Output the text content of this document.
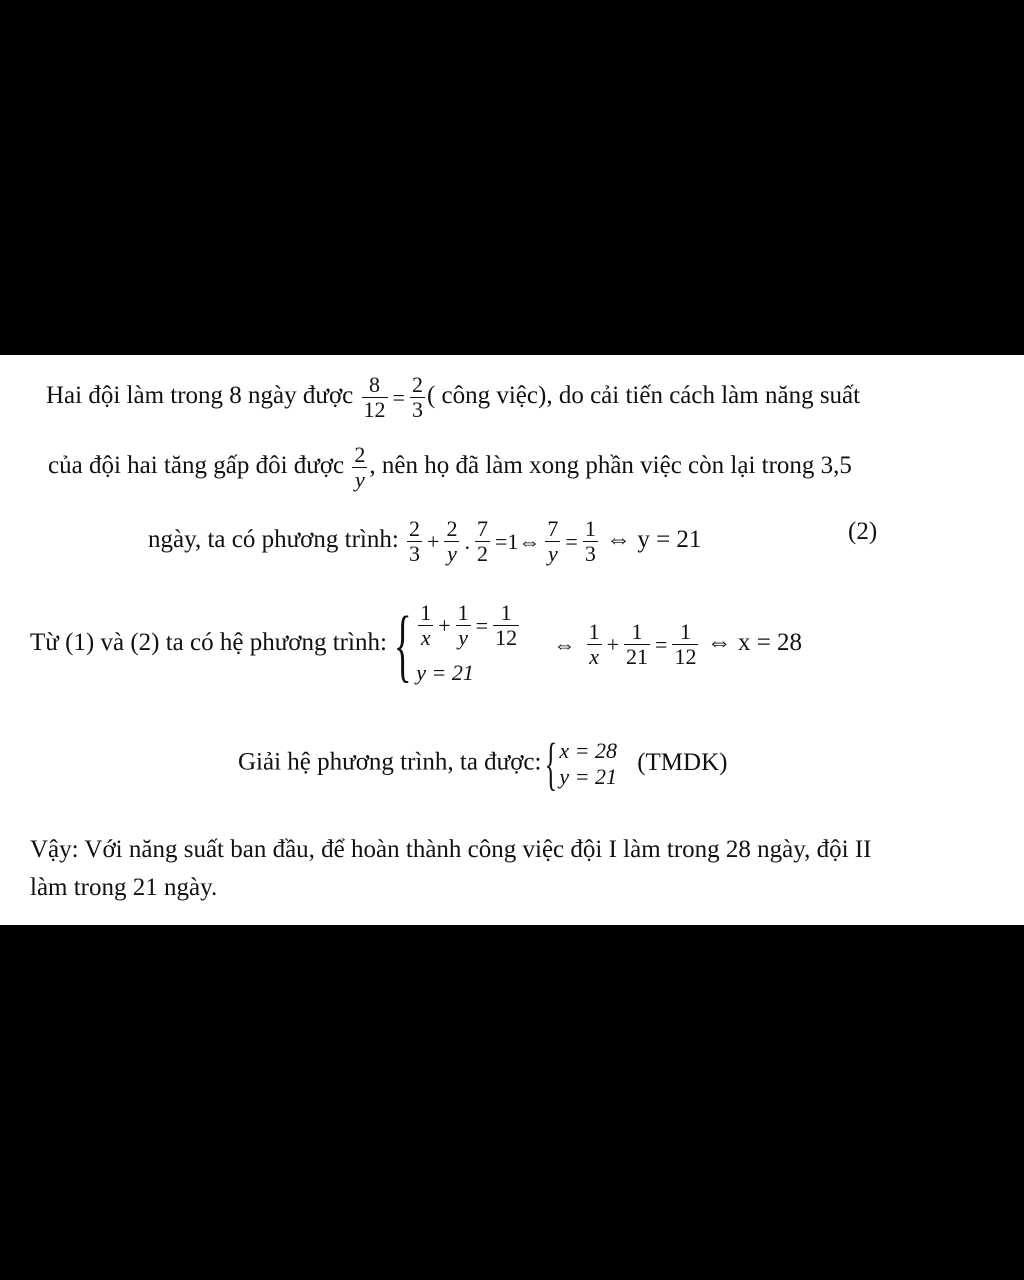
Hai đội làm trong 8 ngày được $\frac{8}{12} = \frac{2}{3}$ ( công việc), do cải tiến cách làm năng suất
của đội hai tăng gấp đôi được $\frac{2}{y}$ , nên họ đã làm xong phần việc còn lại trong 3,5
ngày, ta có phương trình: $\frac{2}{3} + \frac{2}{y}$ . $\frac{7}{2}$ =1⇔ $\frac{7}{y} = \frac{1}{3}$ ⇔ y = 21	(2)
Từ (1) và (2) ta có hệ phương trình:{ $\frac{1}{x} + \frac{1}{y} = \frac{1}{12}$
y = 21
⇔ $\frac{1}{x} + \frac{1}{21} = \frac{1}{12}$ ⇔ x = 28
Giải hệ phương trình, ta được:{ x = 28
y = 21
(TMDK)
Vậy: Với năng suất ban đầu, để hoàn thành công việc đội I làm trong 28 ngày, đội II
làm trong 21 ngày.
